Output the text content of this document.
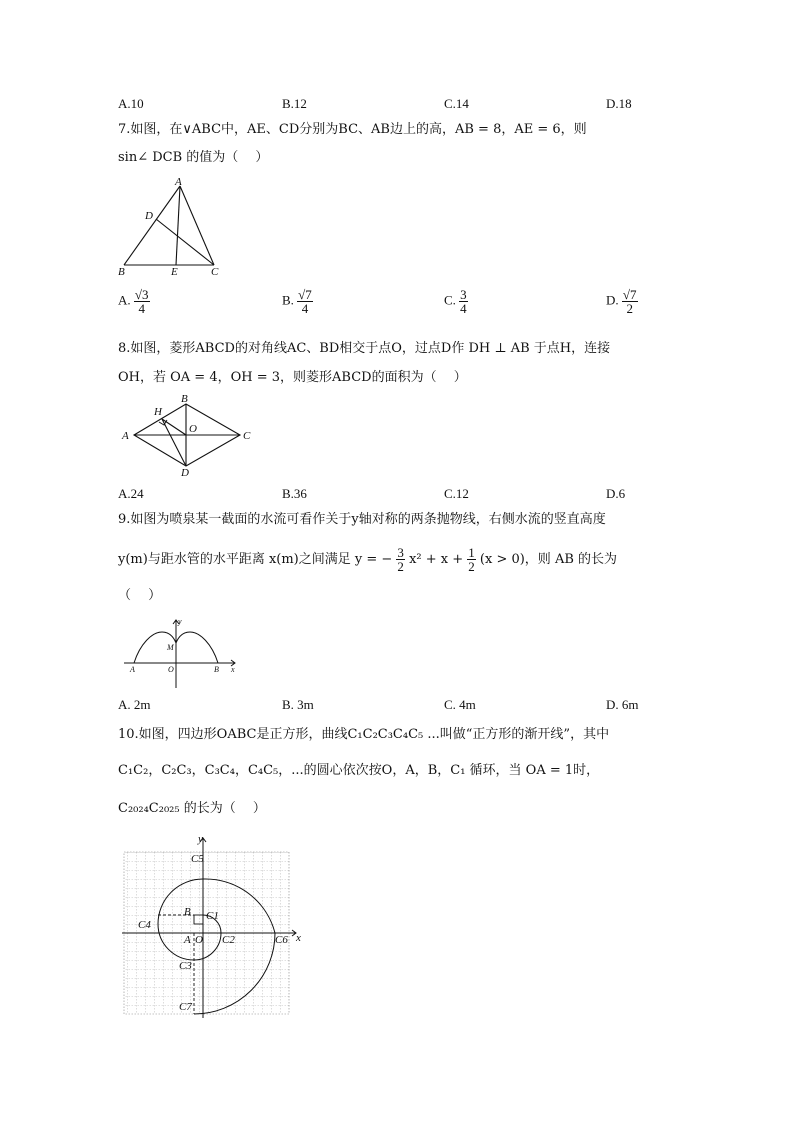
A.10	B.12	C.14	D.18
7.如图，在∨ABC中，AE、CD分别为BC、AB边上的高，AB = 8，AE = 6，则
sin∠ DCB 的值为（　 ）
A
D
B	E	C
A. $\frac{√3}{4}$	B. $\frac{√7}{4}$	C. $\frac{3}{4}$	D. $\frac{√7}{2}$
8.如图，菱形ABCD的对角线AC、BD相交于点O，过点D作 DH ⊥ AB 于点H，连接
OH，若 OA = 4，OH = 3，则菱形ABCD的面积为（　 ）
B
H
O
A	C
D
A.24	B.36	C.12	D.6
9.如图为喷泉某一截面的水流可看作关于y轴对称的两条抛物线，右侧水流的竖直高度
y(m)与距水管的水平距离 x(m)之间满足 y = − $\frac{3}{2} x^2 + x + \frac{1}{2} (x > 0)$，则 AB 的长为
（　 ）
y
M
A	O	B x
A. 2m	B. 3m	C. 4m	D. 6m
10.如图，四边形OABC是正方形，曲线C₁C₂C₃C₄C₅ ...叫做“正方形的渐开线”，其中
C₁C₂，C₂C₃，C₃C₄，C₄C₅，...的圆心依次按O，A，B，C₁ 循环，当 OA = 1时，
C₂₀₂₄C₂₀₂₅ 的长为（　 ）
y
C5
B C1
C4
A O C2	C6 x
C3
C7
